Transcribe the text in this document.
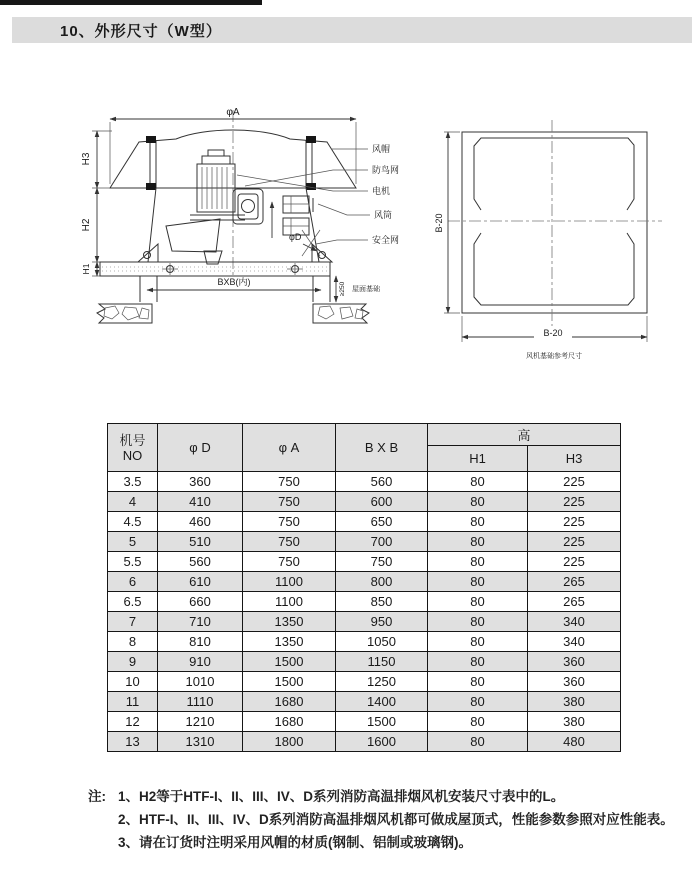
10、外形尺寸（W型）
φA
H3
H2
H1
φD
BXB(内)	≥250 屋面基础
风帽
防鸟网
电机
风筒
安全网
B-20
B-20
风机基础参考尺寸
机号
NO	φ D	φ A	B X B	高	
				H1	H3
3.5	360	750	560	80	225
4	410	750	600	80	225
4.5	460	750	650	80	225
5	510	750	700	80	225
5.5	560	750	750	80	225
6	610	1100	800	80	265
6.5	660	1100	850	80	265
7	710	1350	950	80	340
8	810	1350	1050	80	340
9	910	1500	1150	80	360
10	1010	1500	1250	80	360
11	1110	1680	1400	80	380
12	1210	1680	1500	80	380
13	1310	1800	1600	80	480
注: 1、 H2等于HTF-I、II、III、IV、D系列消防高温排烟风机安装尺寸表中的L。
2、 HTF-I、II、III、IV、D系列消防高温排烟风机都可做成屋顶式，性能参数参照对应性能表。
3、 请在订货时注明采用风帽的材质(钢制、铝制或玻璃钢)。
